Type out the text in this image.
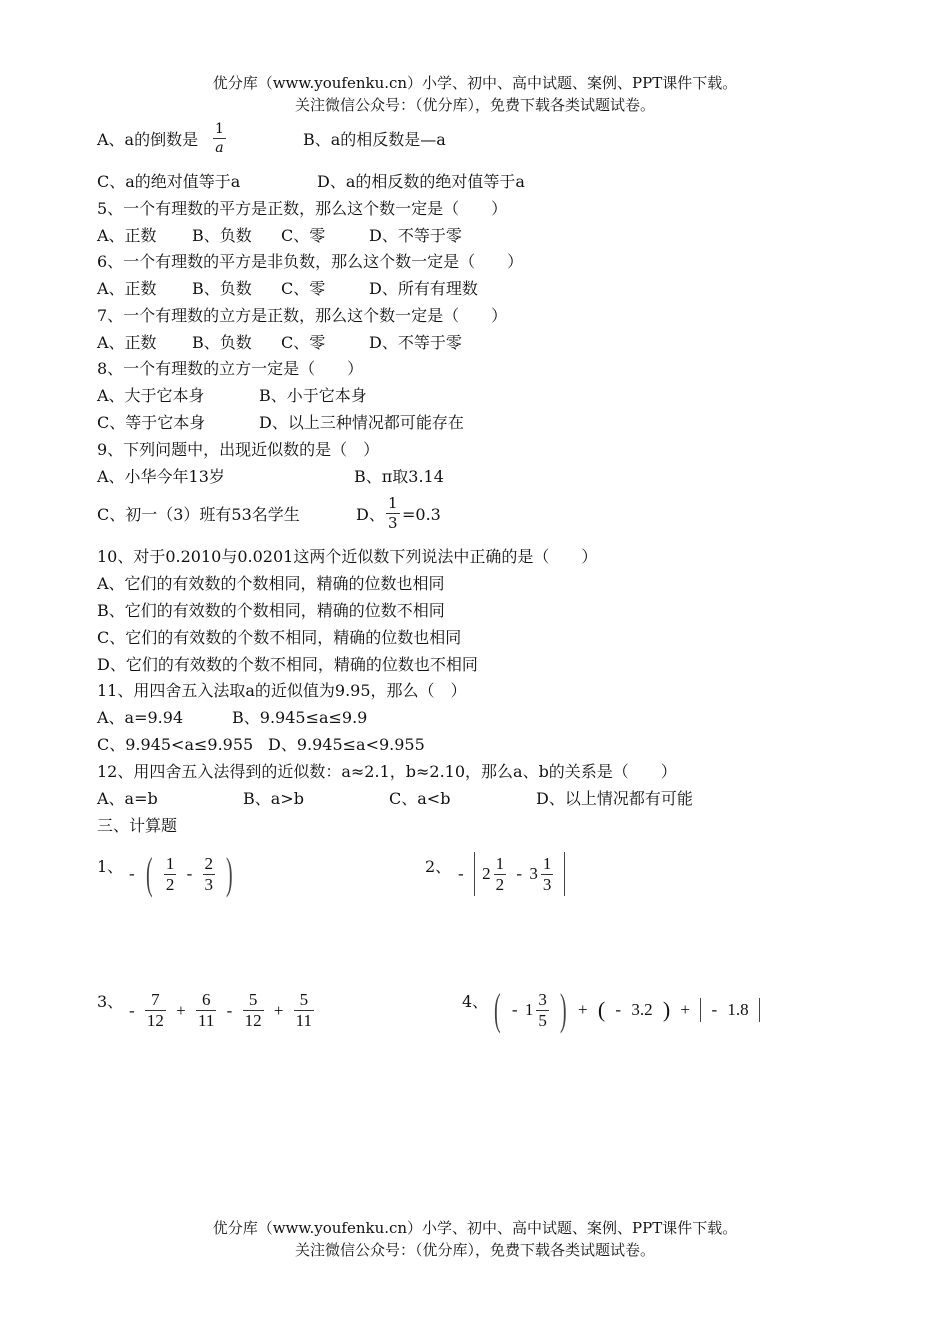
优分库（www.youfenku.cn）小学、初中、高中试题、案例、PPT课件下载。
关注微信公众号：（优分库），免费下载各类试题试卷。
A、a的倒数是 $\frac{1}{a}$	B、a的相反数是—a
C、a的绝对值等于a	D、a的相反数的绝对值等于a
5、一个有理数的平方是正数，那么这个数一定是（　　）
A、正数 B、负数 C、零	D、不等于零
6、一个有理数的平方是非负数，那么这个数一定是（　　）
A、正数 B、负数 C、零	D、所有有理数
7、一个有理数的立方是正数，那么这个数一定是（　　）
A、正数 B、负数 C、零	D、不等于零
8、一个有理数的立方一定是（　　）
A、大于它本身	B、小于它本身
C、等于它本身	D、以上三种情况都可能存在
9、下列问题中，出现近似数的是（　）
A、小华今年13岁	B、π取3.14
C、初一（3）班有53名学生	D、 $\frac{1}{3} =0.3$
10、对于0.2010与0.0201这两个近似数下列说法中正确的是（　　）
A、它们的有效数的个数相同，精确的位数也相同
B、它们的有效数的个数相同，精确的位数不相同
C、它们的有效数的个数不相同，精确的位数也相同
D、它们的有效数的个数不相同，精确的位数也不相同
11、用四舍五入法取a的近似值为9.95，那么（　）
A、a=9.94	B、9.945≤a≤9.9
C、9.945<a≤9.955 D、9.945≤a<9.955
12、用四舍五入法得到的近似数：a≈2.1，b≈2.10，那么a、b的关系是（　　）
A、a=b	B、a>b	C、a<b	D、以上情况都有可能
三、计算题
1、 - ( $\frac{1}{2} - \frac{2}{3}$ )	2、 - $2 \frac{1}{2} - 3 \frac{1}{3}$

3、 - $\frac{7}{12} + \frac{6}{11} - \frac{5}{12} + \frac{5}{11}$	4、 ( - $1 \frac{3}{5}$ ) + ( - 3.2 ) + - 1.8
优分库（www.youfenku.cn）小学、初中、高中试题、案例、PPT课件下载。
关注微信公众号：（优分库），免费下载各类试题试卷。
